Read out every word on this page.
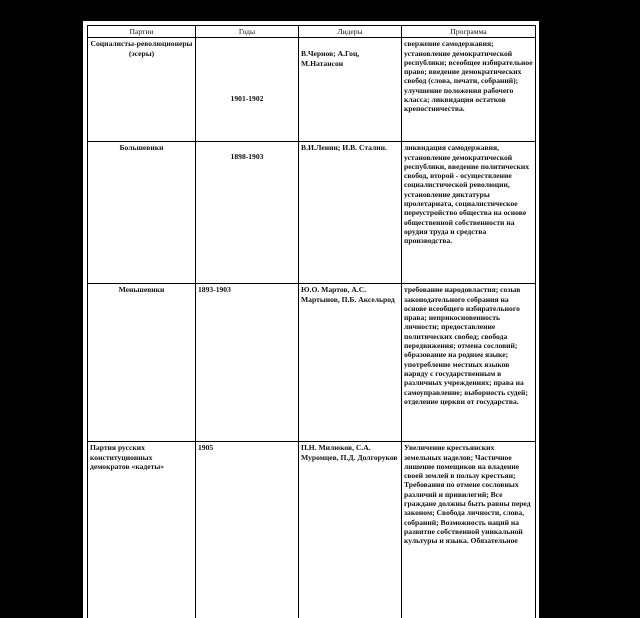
Партии	Годы	Лидеры	Программа
Социалисты-революционеры (эсеры)	1901-1902	В.Чернов; А.Гоц, М.Натансон	свержение самодержавия; установление демократической республики; всеобщее избирательное право; введение демократических свобод (слова, печати, собраний); улучшение положения рабочего класса; ликвидация остатков крепостничества.
Большевики	1898-1903	В.И.Ленин; И.В. Сталин.	ликвидация самодержавия, установление демократической республики, введение политических свобод, второй - осуществление социалистической революции, установление диктатуры пролетариата, социалистическое переустройство общества на основе общественной собственности на орудия труда и средства производства.
Меньшевики	1893-1903	Ю.О. Мартов, А.С. Мартынов, П.Б. Аксельрод	требование народовластия; созыв законодательного собрания на основе всеобщего избирательного права; неприкосновенность личности; предоставление политических свобод; свобода передвижения; отмена сословий; образование на родном языке; употребление местных языков наряду с государственным в различных учреждениях; права на самоуправление; выборность судей; отделение церкви от государства.
Партия русских конституционных демократов «кадеты»	1905	П.Н. Милюков, С.А. Муромцев, П.Д. Долгоруков	Увеличение крестьянских земельных наделов; Частичное лишение помещиков на владение своей землей в пользу крестьян; Требования по отмене сословных различий и привилегий; Все граждане должны быть равны перед законом; Свобода личности, слова, собраний; Возможность наций на развитие собственной уникальной культуры и языка. Обязательное
